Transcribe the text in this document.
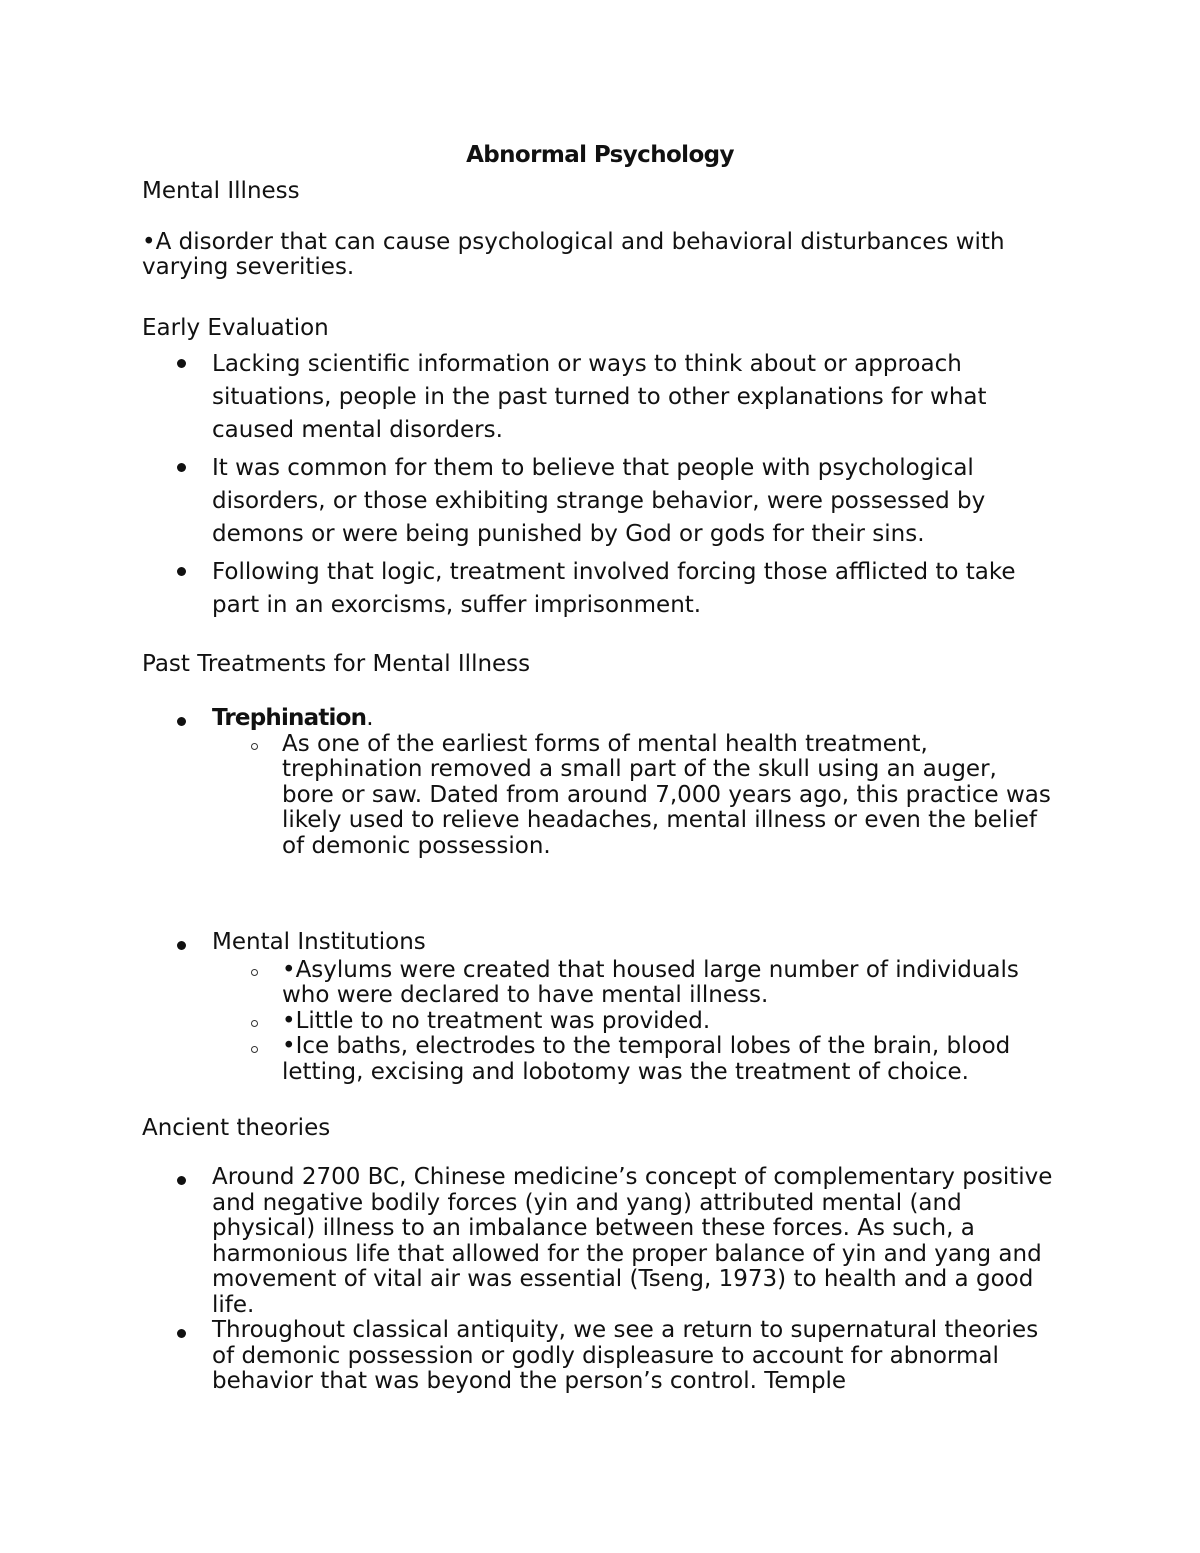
Abnormal Psychology

Mental Illness

•A disorder that can cause psychological and behavioral disturbances with varying severities.

Early Evaluation

Lacking scientific information or ways to think about or approach situations, people in the past turned to other explanations for what caused mental disorders.
It was common for them to believe that people with psychological disorders, or those exhibiting strange behavior, were possessed by demons or were being punished by God or gods for their sins.
Following that logic, treatment involved forcing those afflicted to take part in an exorcisms, suffer imprisonment.

Past Treatments for Mental Illness

Trephination.
As one of the earliest forms of mental health treatment, trephination removed a small part of the skull using an auger, bore or saw. Dated from around 7,000 years ago, this practice was likely used to relieve headaches, mental illness or even the belief of demonic possession.
Mental Institutions
•Asylums were created that housed large number of individuals who were declared to have mental illness.
•Little to no treatment was provided.
•Ice baths, electrodes to the temporal lobes of the brain, blood letting, excising and lobotomy was the treatment of choice.

Ancient theories

Around 2700 BC, Chinese medicine’s concept of complementary positive and negative bodily forces (yin and yang) attributed mental (and physical) illness to an imbalance between these forces. As such, a harmonious life that allowed for the proper balance of yin and yang and movement of vital air was essential (Tseng, 1973) to health and a good life.
Throughout classical antiquity, we see a return to supernatural theories of demonic possession or godly displeasure to account for abnormal behavior that was beyond the person’s control. Temple
